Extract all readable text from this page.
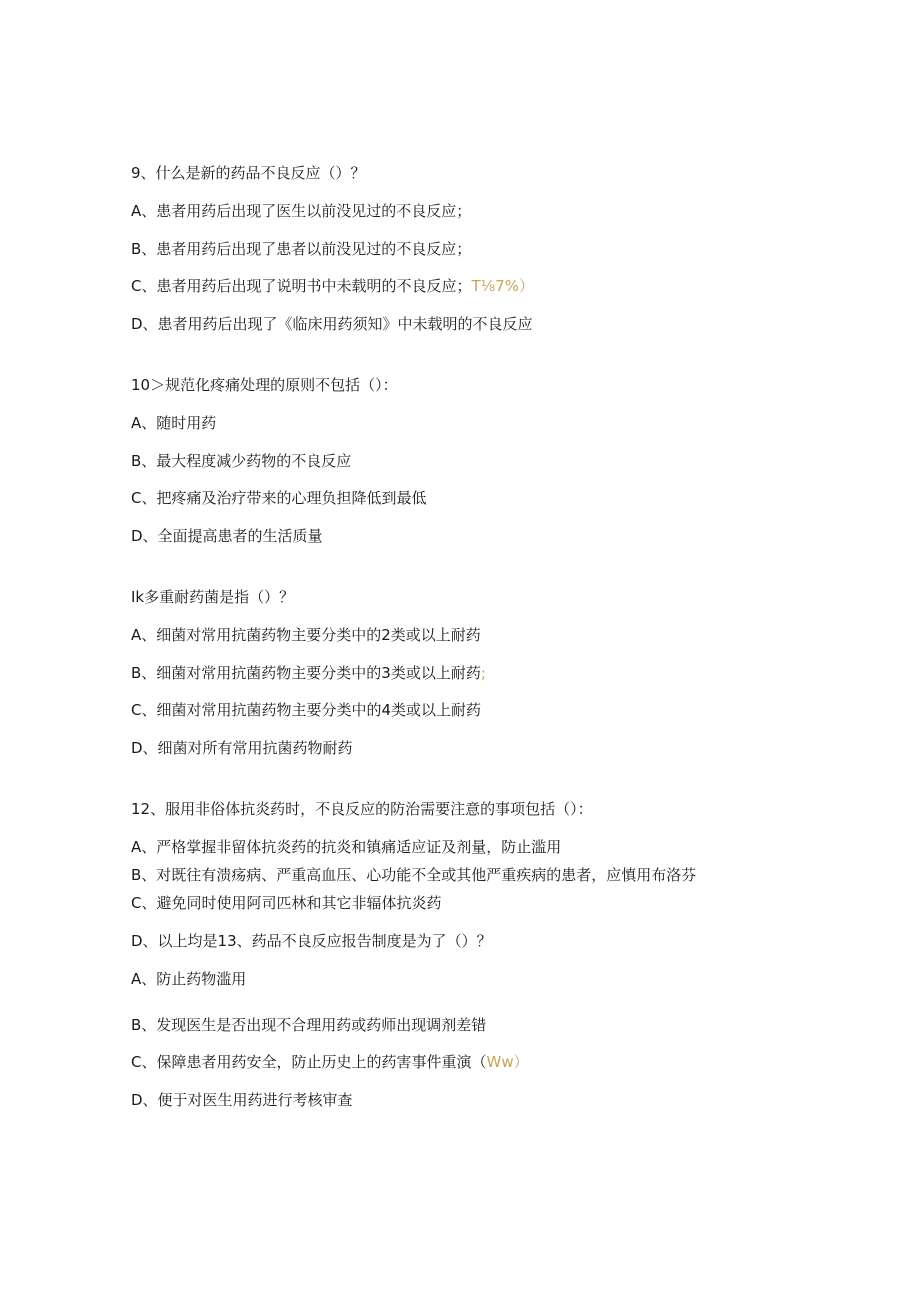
9、什么是新的药品不良反应（）？
A、患者用药后出现了医生以前没见过的不良反应；
B、患者用药后出现了患者以前没见过的不良反应；
C、患者用药后出现了说明书中未载明的不良反应；T⅛7%）
D、患者用药后出现了《临床用药须知》中未载明的不良反应
10＞规范化疼痛处理的原则不包括（）：
A、随时用药
B、最大程度减少药物的不良反应
C、把疼痛及治疗带来的心理负担降低到最低
D、全面提高患者的生活质量
Ik多重耐药菌是指（）？
A、细菌对常用抗菌药物主要分类中的2类或以上耐药
B、细菌对常用抗菌药物主要分类中的3类或以上耐药;
C、细菌对常用抗菌药物主要分类中的4类或以上耐药
D、细菌对所有常用抗菌药物耐药
12、服用非俗体抗炎药时，不良反应的防治需要注意的事项包括（）：
A、严格掌握非留体抗炎药的抗炎和镇痛适应证及剂量，防止滥用
B、对既往有溃疡病、严重高血压、心功能不全或其他严重疾病的患者，应慎用布洛芬
C、避免同时使用阿司匹林和其它非辐体抗炎药
D、以上均是13、药品不良反应报告制度是为了（）？
A、防止药物滥用
B、发现医生是否出现不合理用药或药师出现调剂差错
C、保障患者用药安全，防止历史上的药害事件重演（Ww）
D、便于对医生用药进行考核审查
